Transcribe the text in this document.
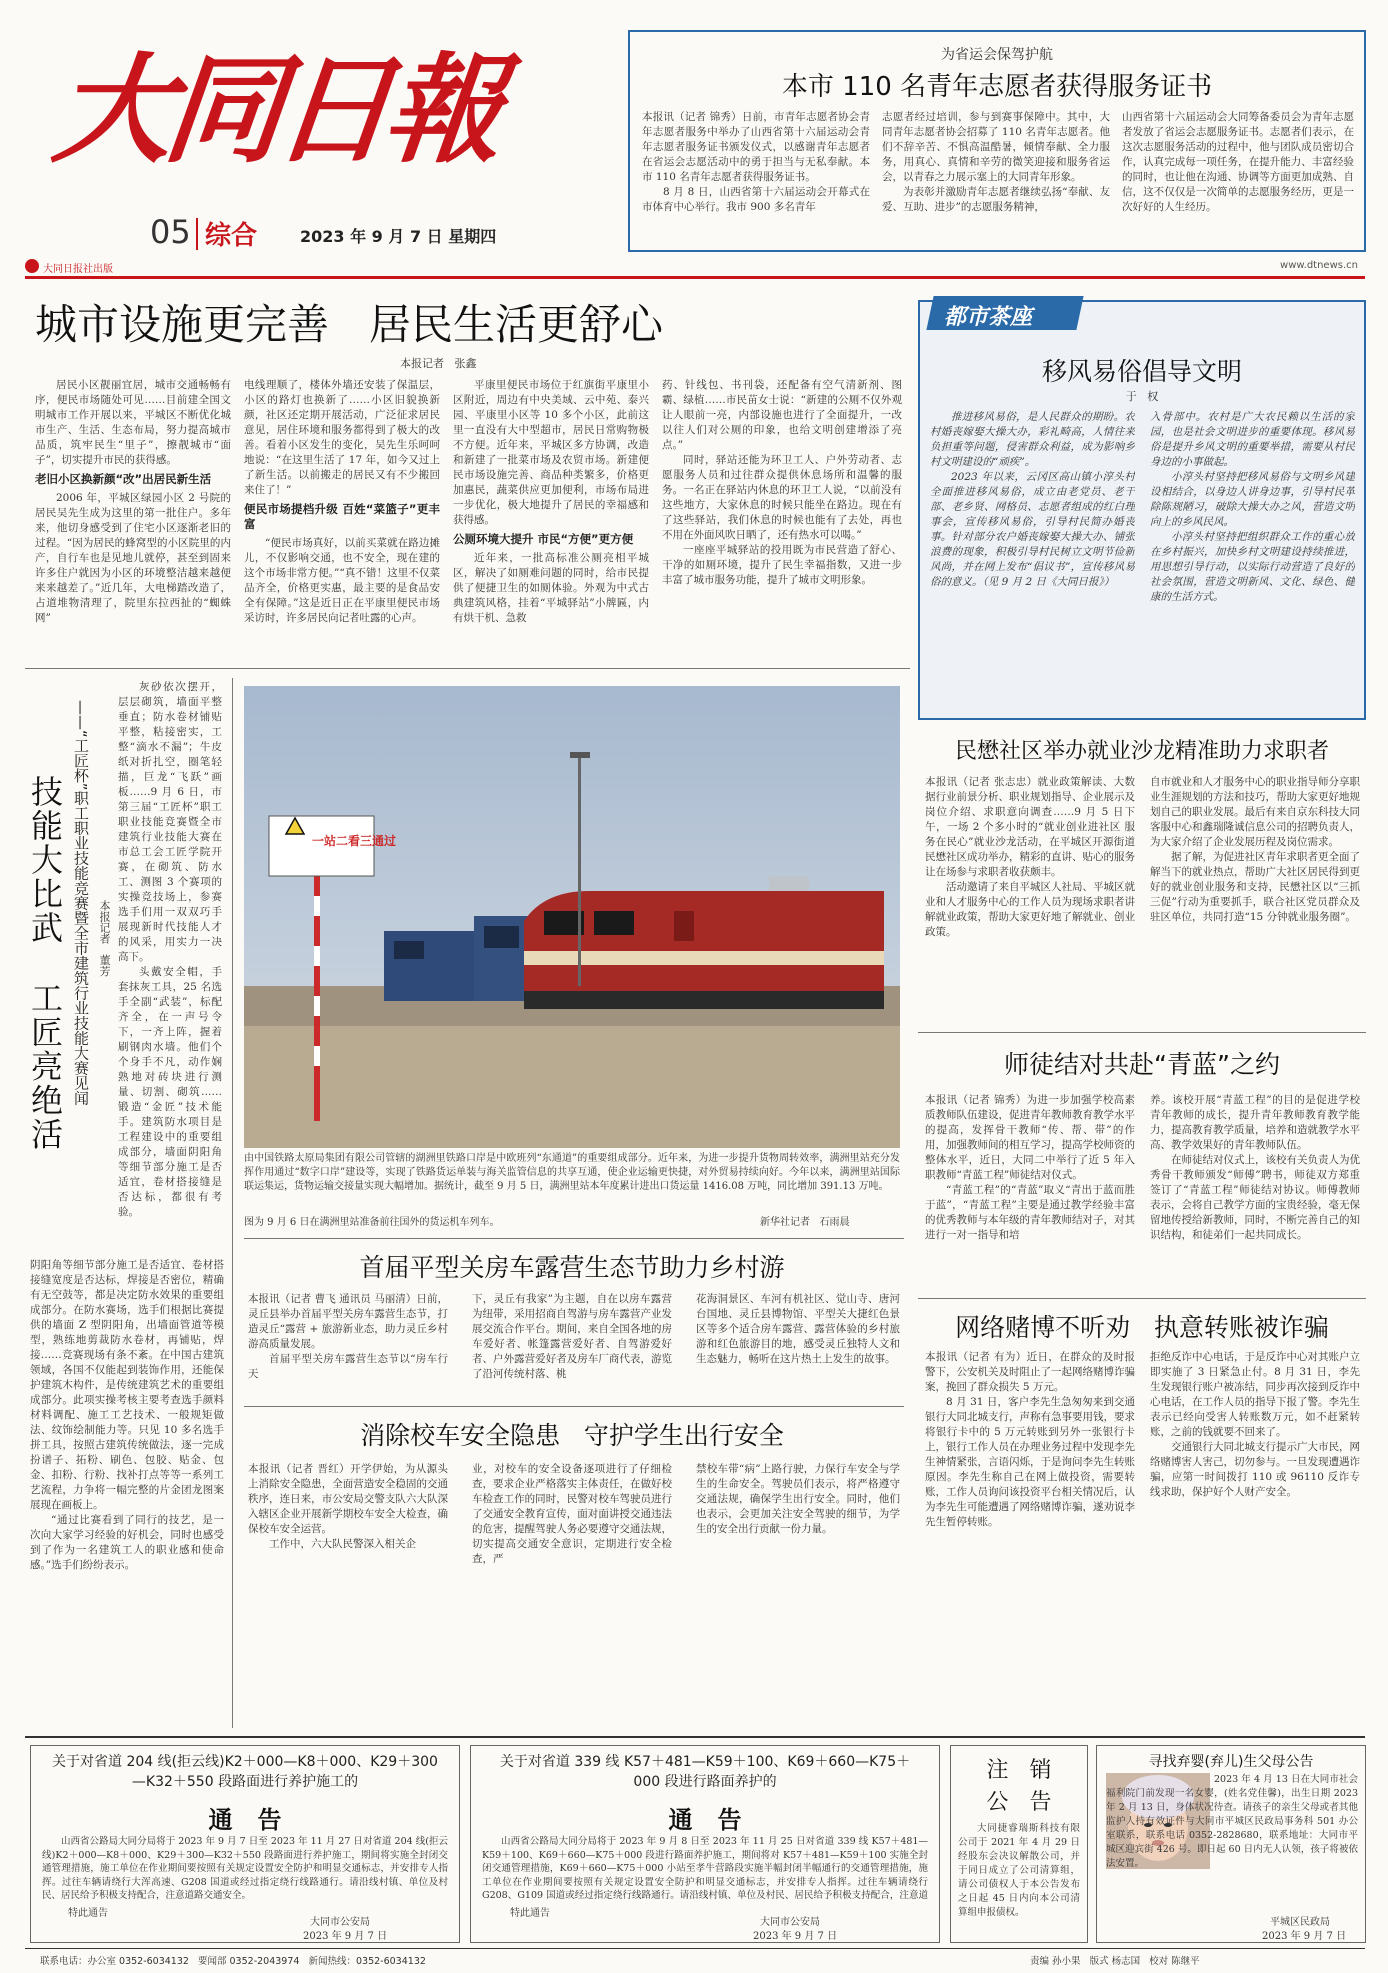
大同日報
05 综合	2023 年 9 月 7 日 星期四
大同日报社出版	www.dtnews.cn
为省运会保驾护航
本市 110 名青年志愿者获得服务证书

本报讯（记者 锦秀）日前，市青年志愿者协会青年志愿者服务中举办了山西省第十六届运动会青年志愿者服务证书颁发仪式，以感谢青年志愿者在省运会志愿活动中的勇于担当与无私奉献。本市 110 名青年志愿者获得服务证书。

8 月 8 日，山西省第十六届运动会开幕式在市体育中心举行。我市 900 多名青年

志愿者经过培训，参与到赛事保障中。其中，大同青年志愿者协会招募了 110 名青年志愿者。他们不辞辛苦、不惧高温酷暑，倾情奉献、全力服务，用真心、真情和辛劳的微笑迎接和服务省运会，以青春之力展示塞上的大同青年形象。

为表彰并激励青年志愿者继续弘扬“奉献、友爱、互助、进步”的志愿服务精神，

山西省第十六届运动会大同筹备委员会为青年志愿者发放了省运会志愿服务证书。志愿者们表示，在这次志愿服务活动的过程中，他与团队成员密切合作，认真完成每一项任务，在提升能力、丰富经验的同时，也让他在沟通、协调等方面更加成熟、自信，这不仅仅是一次简单的志愿服务经历，更是一次好好的人生经历。
城市设施更完善   居民生活更舒心
本报记者   张鑫

居民小区靓丽宜居，城市交通畅畅有序，便民市场随处可见……目前建全国文明城市工作开展以来，平城区不断优化城市生产、生活、生态布局，努力提高城市品质，筑牢民生“里子”，擦靓城市“面子”，切实提升市民的获得感。

老旧小区换新颜“改”出居民新生活

2006 年，平城区绿园小区 2 号院的居民吴先生成为这里的第一批住户。多年来，他切身感受到了住宅小区逐渐老旧的过程。“因为居民的蜂窝型的小区院里的内产，自行车也是见地儿就停，甚至到固来许多住户就因为小区的环境整洁越来越便来来越差了。”近几年，大电梯踏改造了，占道堆物清理了，院里东拉西扯的“蜘蛛网”

电线理顺了，楼体外墙还安装了保温层，小区的路灯也换新了……小区旧貌换新颜，社区还定期开展活动，广泛征求居民意见，居住环境和服务都得到了极大的改善。看着小区发生的变化，吴先生乐呵呵地说：“在这里生活了 17 年，如今又过上了新生活。以前搬走的居民又有不少搬回来住了！”

便民市场提档升级 百姓“菜篮子”更丰富

“便民市场真好，以前买菜就在路边摊儿，不仅影响交通，也不安全，现在建的这个市场非常方便。”“真不错！这里不仅菜品齐全，价格更实惠，最主要的是食品安全有保障。”这是近日正在平康里便民市场采访时，许多居民向记者吐露的心声。

平康里便民市场位于红旗街平康里小区附近，周边有中央美域、云中苑、泰兴园、平康里小区等 10 多个小区，此前这里一直没有大中型超市，居民日常购物极不方便。近年来，平城区多方协调，改造和新建了一批菜市场及农贸市场。新建便民市场设施完善、商品种类繁多，价格更加惠民，蔬菜供应更加便利，市场布局进一步优化，极大地提升了居民的幸福感和获得感。

公厕环境大提升 市民“方便”更方便

近年来，一批高标准公厕亮相平城区，解决了如厕难问题的同时，给市民提供了便捷卫生的如厕体验。外观为中式古典建筑风格，挂着“平城驿站”小牌匾，内有烘干机、急救

药、针线包、书刊袋，还配备有空气清新剂、图霸、绿植……市民苗女士说：“新建的公厕不仅外观让人眼前一亮，内部设施也进行了全面提升，一改以往人们对公厕的印象，也给文明创建增添了亮点。”

同时，驿站还能为环卫工人、户外劳动者、志愿服务人员和过往群众提供休息场所和温馨的服务。一名正在驿站内休息的环卫工人说，“以前没有这些地方，大家休息的时候只能坐在路边。现在有了这些驿站，我们休息的时候也能有了去处，再也不用在外面风吹日晒了，还有热水可以喝。”

一座座平城驿站的投用既为市民营造了舒心、干净的如厕环境，提升了民生幸福指数，又进一步丰富了城市服务功能，提升了城市文明形象。

技能大比武   工匠亮绝活 ——“工匠杯”职工职业技能竞赛暨全市建筑行业技能大赛见闻 本报记者   董芳

灰砂依次摆开，层层砌筑，墙面平整垂直；防水卷材铺贴平整，粘接密实，工整“滴水不漏”；牛皮纸对折扎空，圈笔轻描，巨龙“飞跃”画板……9 月 6 日，市第三届“工匠杯”职工职业技能竞赛暨全市建筑行业技能大赛在市总工会工匠学院开赛，在砌筑、防水工、测图 3 个赛项的实操竞技场上，参赛选手们用一双双巧手展现新时代技能人才的风采，用实力一决高下。

头戴安全帽，手套抹灰工具，25 名选手全副“武装”，标配齐全，在一声号令下，一齐上阵，握着刷钢肉水墙。他们个个身手不凡，动作娴熟地对砖块进行测量、切割、砌筑……锻造“金匠”技术能手。建筑防水项目是工程建设中的重要组成部分，墙面阴阳角等细节部分施工是否适宜，卷材搭接缝是否达标，都很有考验。

阴阳角等细节部分施工是否适宜、卷材搭接缝宽度是否达标，焊接是否密位，精确有无空鼓等，都是决定防水效果的重要组成部分。在防水赛场，选手们根据比赛提供的墙面 Z 型阴阳角，出墙面管道等模型，熟练地剪裁防水卷材，再铺贴，焊接……竞赛现场有条不紊。在中国古建筑领域，各国不仅能起到装饰作用，还能保护建筑木构件，是传统建筑艺术的重要组成部分。此项实操考核主要考查选手颜料材料调配、施工工艺技术、一般规矩做法、纹饰绘制能力等。只见 10 多名选手拼工具，按照古建筑传统做法，逐一完成扮谱子、拓粉、刷色、包胶、贴金、包金、扣粉、行粉、找补打点等等一系列工艺流程，力争将一幅完整的片金团龙图案展现在画板上。

“通过比赛看到了同行的技艺，是一次向大家学习经验的好机会，同时也感受到了作为一名建筑工人的职业感和使命感。”选手们纷纷表示。

一站二看三通过
由中国铁路太原局集团有限公司管辖的湖洲里铁路口岸是中欧班列“东通道”的重要组成部分。近年来，为进一步提升货物周转效率，满洲里站充分发挥作用通过“数字口岸”建设等，实现了铁路货运单装与海关监管信息的共享互通，使企业运输更快捷，对外贸易持续向好。今年以来，满洲里站国际联运集运，货物运输交接量实现大幅增加。据统计，截至 9 月 5 日，满洲里站本年度累计进出口货运量 1416.08 万吨，同比增加 391.13 万吨。
图为 9 月 6 日在满洲里站准备前往国外的货运机车列车。	新华社记者   石雨晨
首届平型关房车露营生态节助力乡村游

本报讯（记者 曹飞 通讯员 马丽清）日前，灵丘县举办首届平型关房车露营生态节，打造灵丘“露营 + 旅游新业态，助力灵丘乡村游高质量发展。

首届平型关房车露营生态节以“房车行天

下，灵丘有我家”为主题，自在以房车露营为纽带，采用招商自驾游与房车露营产业发展交流合作平台。期间，来自全国各地的房车爱好者、帐篷露营爱好者、自驾游爱好者、户外露营爱好者及房车厂商代表，游览了沿河传统村落、桃
花海洞景区、车河有机社区、觉山寺、唐河台国地、灵丘县博物馆、平型关大捷红色景区等多个适合房车露营、露营体验的乡村旅游和红色旅游目的地，感受灵丘独特人文和生态魅力，畅听在这片热土上发生的故事。
消除校车安全隐患   守护学生出行安全

本报讯（记者 晋红）开学伊始，为从源头上消除安全隐患，全面营造安全稳固的交通秩序，连日来，市公安局交警支队六大队深入辖区企业开展新学期校车安全大检查，确保校车安全运营。

工作中，六大队民警深入相关企

业，对校车的安全设备逐项进行了仔细检查，要求企业严格落实主体责任，在做好校车检查工作的同时，民警对校车驾驶员进行了交通安全教育宣传，面对面讲授交通违法的危害，提醒驾驶人务必要遵守交通法规，切实提高交通安全意识，定期进行安全检查，严
禁校车带“病”上路行驶，力保行车安全与学生的生命安全。驾驶员们表示，将严格遵守交通法规，确保学生出行安全。同时，他们也表示，会更加关注安全驾驶的细节，为学生的安全出行贡献一份力量。
都市茶座
移风易俗倡导文明
于   权

推进移风易俗，是人民群众的期盼。农村婚丧嫁娶大操大办，彩礼畸高，人情往来负担重等问题，侵害群众利益，成为影响乡村文明建设的“顽疾”。

2023 年以来，云冈区高山镇小淳头村全面推进移风易俗，成立由老党员、老干部、老乡贤、网格员、志愿者组成的红白理事会，宣传移风易俗，引导村民简办婚丧事。针对部分农户婚丧嫁娶大操大办、铺张浪费的现象，积极引导村民树立文明节俭新风尚，并在网上发布“倡议书”，宣传移风易俗的意义。（见 9 月 2 日《大同日报》）

入骨部中。农村是广大农民赖以生活的家园，也是社会文明进步的重要体现。移风易俗是提升乡风文明的重要举措，需要从村民身边的小事做起。

小淳头村坚持把移风易俗与文明乡风建设相结合，以身边人讲身边事，引导村民革除陈规陋习，破除大操大办之风，营造文明向上的乡风民风。

小淳头村坚持把组织群众工作的重心放在乡村振兴，加快乡村文明建设持续推进，用思想引导行动，以实际行动营造了良好的社会氛围，营造文明新风、文化、绿色、健康的生活方式。

民懋社区举办就业沙龙精准助力求职者

本报讯（记者 张志忠）就业政策解读、大数据行业前景分析、职业规划指导、企业展示及岗位介绍、求职意向调查……9 月 5 日下午，一场 2 个多小时的“就业创业进社区 服务在民心”就业沙龙活动，在平城区开源街道民懋社区成功举办，精彩的直讲、贴心的服务让在场参与求职者收获颇丰。

活动邀请了来自平城区人社局、平城区就业和人才服务中心的工作人员为现场求职者讲解就业政策，帮助大家更好地了解就业、创业政策。

自市就业和人才服务中心的职业指导师分享职业生涯规划的方法和技巧，帮助大家更好地规划自己的职业发展。最后有来自京东科技大同客服中心和鑫瑞隆诚信息公司的招聘负责人，为大家介绍了企业发展历程及岗位需求。

据了解，为促进社区青年求职者更全面了解当下的就业热点，帮助广大社区居民得到更好的就业创业服务和支持，民懋社区以“三抓三促”行动为重要抓手，联合社区党员群众及驻区单位，共同打造“15 分钟就业服务圈”。

师徒结对共赴“青蓝”之约

本报讯（记者 锦秀）为进一步加强学校高素质教师队伍建设，促进青年教师教育教学水平的提高，发挥骨干教师“传、帮、带”的作用，加强教师间的相互学习，提高学校师资的整体水平，近日，大同二中举行了近 5 年入职教师“青蓝工程”师徒结对仪式。

“青蓝工程”的“青蓝”取义“青出于蓝而胜于蓝”，“青蓝工程”主要是通过教学经验丰富的优秀教师与本年级的青年教师结对子，对其进行一对一指导和培

养。该校开展“青蓝工程”的目的是促进学校青年教师的成长，提升青年教师教育教学能力，提高教育教学质量，培养和造就教学水平高、教学效果好的青年教师队伍。

在师徒结对仪式上，该校有关负责人为优秀骨干教师颁发“师傅”聘书，师徒双方郑重签订了“青蓝工程”师徒结对协议。师傅教师表示，会将自己教学方面的宝贵经验，毫无保留地传授给新教师，同时，不断完善自己的知识结构，和徒弟们一起共同成长。

网络赌博不听劝   执意转账被诈骗

本报讯（记者 有为）近日，在群众的及时报警下，公安机关及时阻止了一起网络赌博诈骗案，挽回了群众损失 5 万元。

8 月 31 日，客户李先生急匆匆来到交通银行大同北城支行，声称有急事要用钱，要求将银行卡中的 5 万元转账到另外一张银行卡上，银行工作人员在办理业务过程中发现李先生神情紧张，言语闪烁，于是询问李先生转账原因。李先生称自己在网上做投资，需要转账，工作人员询问该投资平台相关情况后，认为李先生可能遭遇了网络赌博诈骗，遂劝说李先生暂停转账。

拒绝反诈中心电话，于是反诈中心对其账户立即实施了 3 日紧急止付。8 月 31 日，李先生发现银行账户被冻结，同步再次接到反诈中心电话，在工作人员的指导下报了警。李先生表示已经向受害人转账数万元，如不赶紧转账，之前的钱就要不回来了。

交通银行大同北城支行提示广大市民，网络赌博害人害己，切勿参与。一旦发现遭遇诈骗，应第一时间拨打 110 或 96110 反诈专线求助，保护好个人财产安全。

关于对省道 204 线(拒云线)K2＋000—K8＋000、K29＋300—K32＋550 段路面进行养护施工的
通   告
山西省公路局大同分局将于 2023 年 9 月 7 日至 2023 年 11 月 27 日对省道 204 线(拒云线)K2＋000—K8＋000、K29＋300—K32＋550 段路面进行养护施工，期间将实施全封闭交通管理措施，施工单位在作业期间要按照有关规定设置安全防护和明显交通标志，并安排专人指挥。过往车辆请绕行大浑高速、G208 国道或经过指定绕行线路通行。请沿线村镇、单位及村民、居民给予积极支持配合，注意道路交通安全。
特此通告
大同市公安局
2023 年 9 月 7 日
关于对省道 339 线 K57＋481—K59＋100、K69＋660—K75＋000 段进行路面养护的
通   告
山西省公路局大同分局将于 2023 年 9 月 8 日至 2023 年 11 月 25 日对省道 339 线 K57＋481—K59＋100、K69＋660—K75＋000 段进行路面养护施工，期间将对 K57＋481—K59＋100 实施全封闭交通管理措施，K69＋660—K75＋000 小站至孝牛营路段实施半幅封闭半幅通行的交通管理措施，施工单位在作业期间要按照有关规定设置安全防护和明显交通标志，并安排专人指挥。过往车辆请绕行 G208、G109 国道或经过指定绕行线路通行。请沿线村镇、单位及村民、居民给予积极支持配合，注意道
特此通告
大同市公安局
2023 年 9 月 7 日
注   销
公   告
大同捷睿瑞斯科技有限公司于 2021 年 4 月 29 日经股东会决议解散公司，并于同日成立了公司清算组，请公司债权人于本公告发布之日起 45 日内向本公司清算组申报债权。
寻找弃婴(弃儿)生父母公告
2023 年 4 月 13 日在大同市社会福利院门前发现一名女婴，(姓名党佳馨)，出生日期 2023 年 2 月 13 日，身体状况待查。请孩子的亲生父母或者其他监护人持有效证件与大同市平城区民政局事务科 501 办公室联系，联系电话 0352-2828680，联系地址：大同市平城区迎宾街 426 号。即日起 60 日内无人认领，孩子将被依法安置。
平城区民政局
2023 年 9 月 7 日
联系电话：办公室 0352-6034132   要闻部 0352-2043974   新闻热线：0352-6034132	责编 孙小果   版式 杨志国   校对 陈继平
